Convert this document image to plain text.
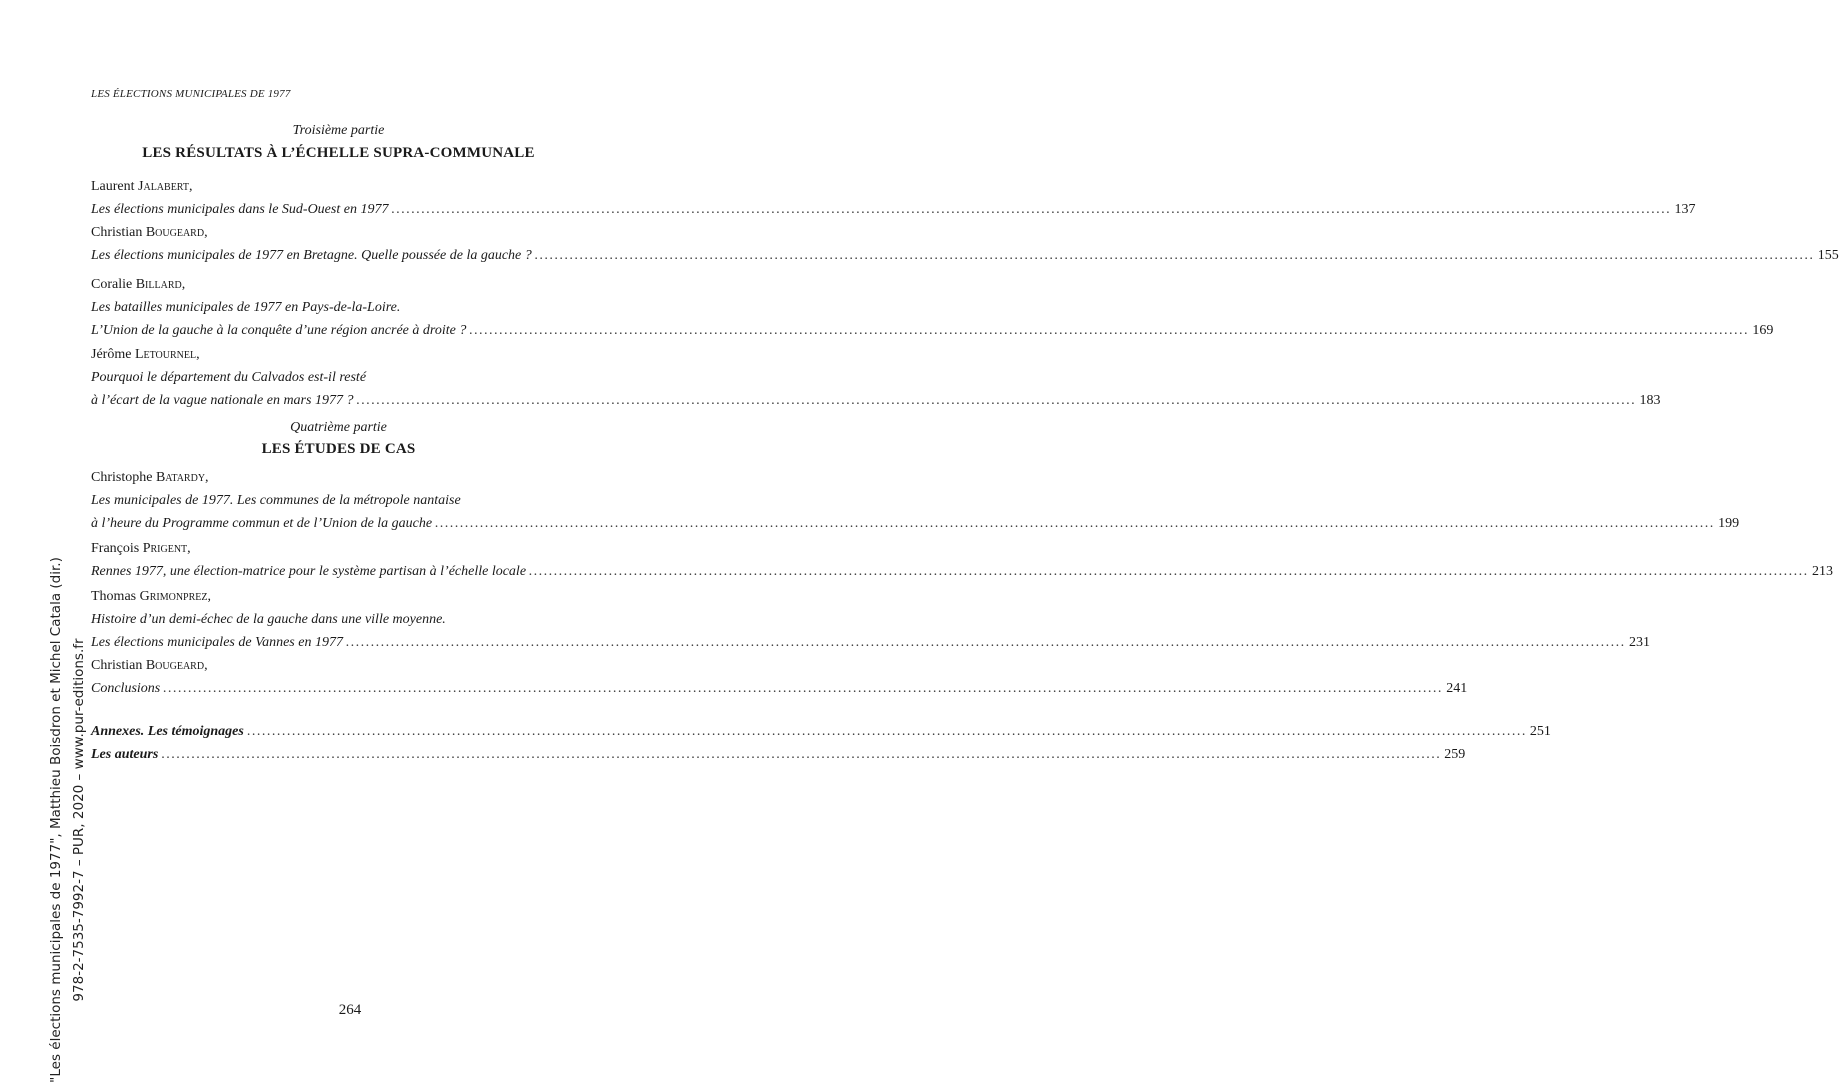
LES ÉLECTIONS MUNICIPALES DE 1977
Troisième partie
LES RÉSULTATS À L’ÉCHELLE SUPRA-COMMUNALE
Laurent Jalabert,
Les élections municipales dans le Sud-Ouest en 1977 ................................................................................................................................................................................................................................................................ 137
Christian Bougeard,
Les élections municipales de 1977 en Bretagne. Quelle poussée de la gauche ? ................................................................................................................................................................................................................................................................ 155
Coralie Billard,
Les batailles municipales de 1977 en Pays-de-la-Loire.
L’Union de la gauche à la conquête d’une région ancrée à droite ? ................................................................................................................................................................................................................................................................ 169
Jérôme Letournel,
Pourquoi le département du Calvados est-il resté
à l’écart de la vague nationale en mars 1977 ? ................................................................................................................................................................................................................................................................ 183
Quatrième partie
LES ÉTUDES DE CAS
Christophe Batardy,
Les municipales de 1977. Les communes de la métropole nantaise
à l’heure du Programme commun et de l’Union de la gauche ................................................................................................................................................................................................................................................................ 199
François Prigent,
Rennes 1977, une élection-matrice pour le système partisan à l’échelle locale ................................................................................................................................................................................................................................................................ 213
Thomas Grimonprez,
Histoire d’un demi-échec de la gauche dans une ville moyenne.
Les élections municipales de Vannes en 1977 ................................................................................................................................................................................................................................................................ 231
Christian Bougeard,
Conclusions ................................................................................................................................................................................................................................................................ 241
Annexes. Les témoignages ................................................................................................................................................................................................................................................................ 251
Les auteurs ................................................................................................................................................................................................................................................................ 259
264
"Les élections municipales de 1977", Matthieu Boisdron et Michel Catala (dir.) 978-2-7535-7992-7 – PUR, 2020 – www.pur-editions.fr
